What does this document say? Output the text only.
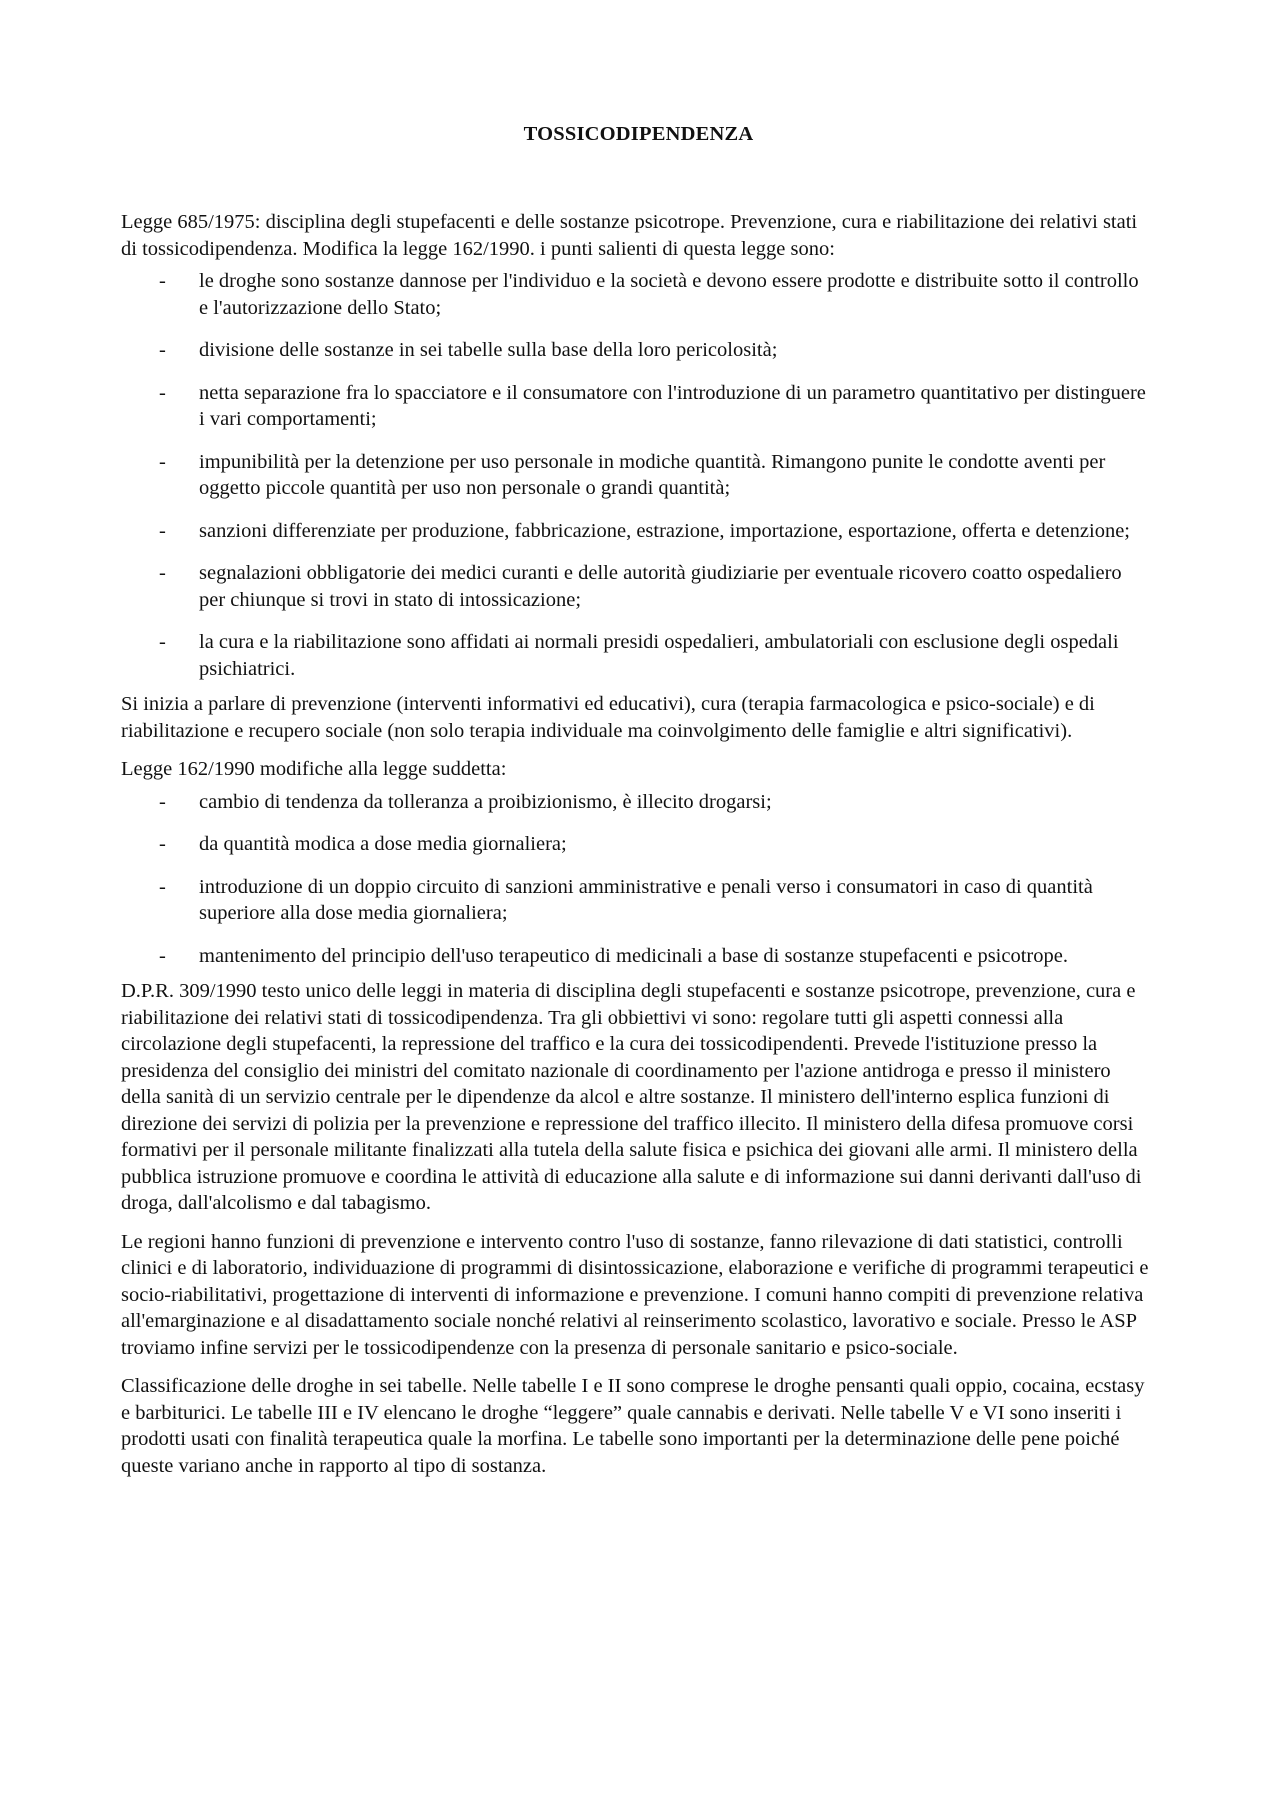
TOSSICODIPENDENZA

Legge 685/1975: disciplina degli stupefacenti e delle sostanze psicotrope. Prevenzione, cura e riabilitazione dei relativi stati di tossicodipendenza. Modifica la legge 162/1990. i punti salienti di questa legge sono:

- le droghe sono sostanze dannose per l'individuo e la società e devono essere prodotte e distribuite sotto il controllo e l'autorizzazione dello Stato;
- divisione delle sostanze in sei tabelle sulla base della loro pericolosità;
- netta separazione fra lo spacciatore e il consumatore con l'introduzione di un parametro quantitativo per distinguere i vari comportamenti;
- impunibilità per la detenzione per uso personale in modiche quantità. Rimangono punite le condotte aventi per oggetto piccole quantità per uso non personale o grandi quantità;
- sanzioni differenziate per produzione, fabbricazione, estrazione, importazione, esportazione, offerta e detenzione;
- segnalazioni obbligatorie dei medici curanti e delle autorità giudiziarie per eventuale ricovero coatto ospedaliero per chiunque si trovi in stato di intossicazione;
- la cura e la riabilitazione sono affidati ai normali presidi ospedalieri, ambulatoriali con esclusione degli ospedali psichiatrici.

Si inizia a parlare di prevenzione (interventi informativi ed educativi), cura (terapia farmacologica e psico-sociale) e di riabilitazione e recupero sociale (non solo terapia individuale ma coinvolgimento delle famiglie e altri significativi).

Legge 162/1990 modifiche alla legge suddetta:

- cambio di tendenza da tolleranza a proibizionismo, è illecito drogarsi;
- da quantità modica a dose media giornaliera;
- introduzione di un doppio circuito di sanzioni amministrative e penali verso i consumatori in caso di quantità superiore alla dose media giornaliera;
- mantenimento del principio dell'uso terapeutico di medicinali a base di sostanze stupefacenti e psicotrope.

D.P.R. 309/1990 testo unico delle leggi in materia di disciplina degli stupefacenti e sostanze psicotrope, prevenzione, cura e riabilitazione dei relativi stati di tossicodipendenza. Tra gli obbiettivi vi sono: regolare tutti gli aspetti connessi alla circolazione degli stupefacenti, la repressione del traffico e la cura dei tossicodipendenti. Prevede l'istituzione presso la presidenza del consiglio dei ministri del comitato nazionale di coordinamento per l'azione antidroga e presso il ministero della sanità di un servizio centrale per le dipendenze da alcol e altre sostanze. Il ministero dell'interno esplica funzioni di direzione dei servizi di polizia per la prevenzione e repressione del traffico illecito. Il ministero della difesa promuove corsi formativi per il personale militante finalizzati alla tutela della salute fisica e psichica dei giovani alle armi. Il ministero della pubblica istruzione promuove e coordina le attività di educazione alla salute e di informazione sui danni derivanti dall'uso di droga, dall'alcolismo e dal tabagismo.

Le regioni hanno funzioni di prevenzione e intervento contro l'uso di sostanze, fanno rilevazione di dati statistici, controlli clinici e di laboratorio, individuazione di programmi di disintossicazione, elaborazione e verifiche di programmi terapeutici e socio-riabilitativi, progettazione di interventi di informazione e prevenzione. I comuni hanno compiti di prevenzione relativa all'emarginazione e al disadattamento sociale nonché relativi al reinserimento scolastico, lavorativo e sociale. Presso le ASP troviamo infine servizi per le tossicodipendenze con la presenza di personale sanitario e psico-sociale.

Classificazione delle droghe in sei tabelle. Nelle tabelle I e II sono comprese le droghe pensanti quali oppio, cocaina, ecstasy e barbiturici. Le tabelle III e IV elencano le droghe “leggere” quale cannabis e derivati. Nelle tabelle V e VI sono inseriti i prodotti usati con finalità terapeutica quale la morfina. Le tabelle sono importanti per la determinazione delle pene poiché queste variano anche in rapporto al tipo di sostanza.
